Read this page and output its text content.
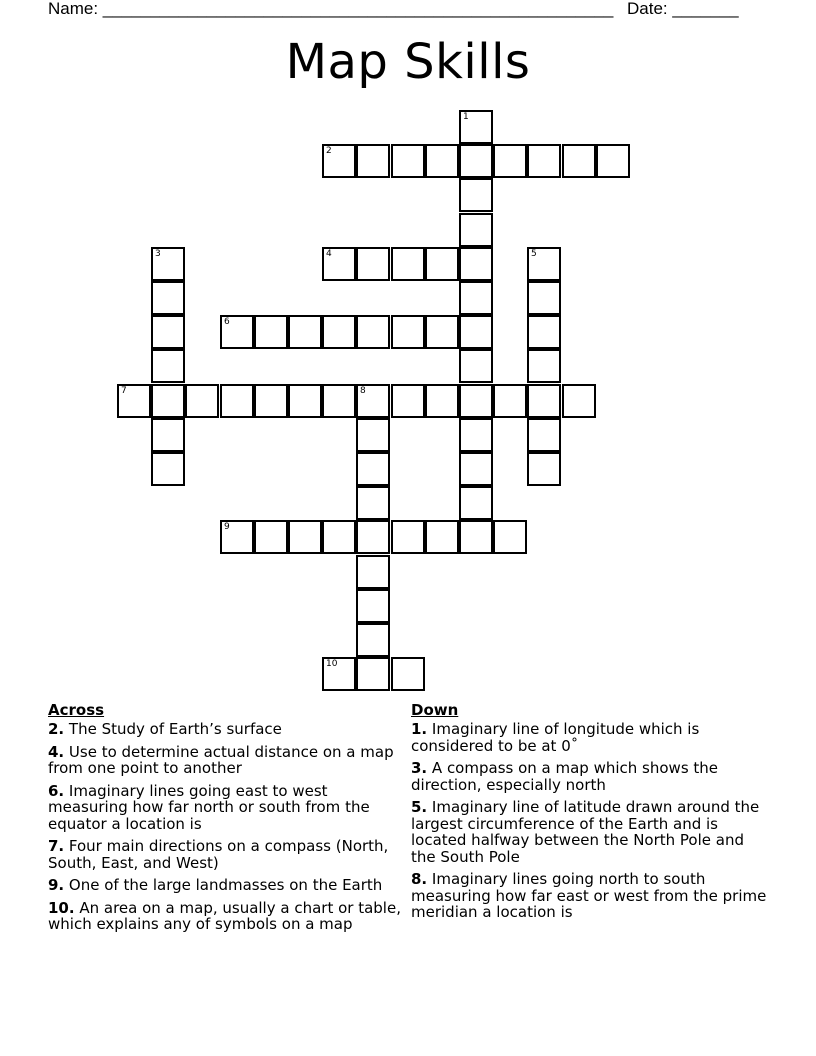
Name: ______________________________________________________ Date: _______
Map Skills
1
2
3	4	5
6
7	8
9
10
Across
2. The Study of Earth’s surface
4. Use to determine actual distance on a map from one point to another
6. Imaginary lines going east to west measuring how far north or south from the equator a location is
7. Four main directions on a compass (North, South, East, and West)
9. One of the large landmasses on the Earth
10. An area on a map, usually a chart or table, which explains any of symbols on a map
Down
1. Imaginary line of longitude which is considered to be at 0˚
3. A compass on a map which shows the direction, especially north
5. Imaginary line of latitude drawn around the largest circumference of the Earth and is located halfway between the North Pole and the South Pole
8. Imaginary lines going north to south measuring how far east or west from the prime meridian a location is
